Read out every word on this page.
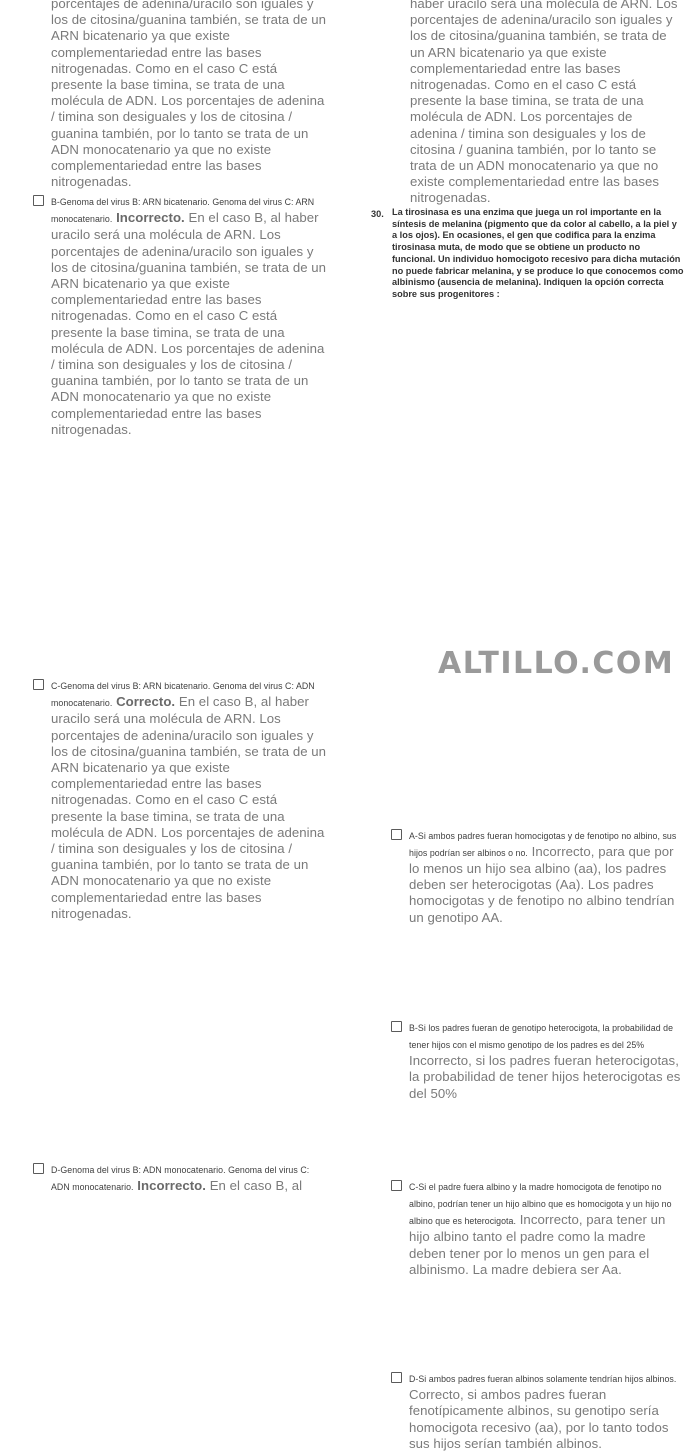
porcentajes de adenina/uracilo son iguales y los de citosina/guanina también, se trata de un ARN bicatenario ya que existe complementariedad entre las bases nitrogenadas. Como en el caso C está presente la base timina, se trata de una molécula de ADN. Los porcentajes de adenina / timina son desiguales y los de citosina / guanina también, por lo tanto se trata de un ADN monocatenario ya que no existe complementariedad entre las bases nitrogenadas.

B-Genoma del virus B: ARN bicatenario. Genoma del virus C: ARN monocatenario. Incorrecto. En el caso B, al haber uracilo será una molécula de ARN. Los porcentajes de adenina/uracilo son iguales y los de citosina/guanina también, se trata de un ARN bicatenario ya que existe complementariedad entre las bases nitrogenadas. Como en el caso C está presente la base timina, se trata de una molécula de ADN. Los porcentajes de adenina / timina son desiguales y los de citosina / guanina también, por lo tanto se trata de un ADN monocatenario ya que no existe complementariedad entre las bases nitrogenadas.
C-Genoma del virus B: ARN bicatenario. Genoma del virus C: ADN monocatenario. Correcto. En el caso B, al haber uracilo será una molécula de ARN. Los porcentajes de adenina/uracilo son iguales y los de citosina/guanina también, se trata de un ARN bicatenario ya que existe complementariedad entre las bases nitrogenadas. Como en el caso C está presente la base timina, se trata de una molécula de ADN. Los porcentajes de adenina / timina son desiguales y los de citosina / guanina también, por lo tanto se trata de un ADN monocatenario ya que no existe complementariedad entre las bases nitrogenadas.
D-Genoma del virus B: ADN monocatenario. Genoma del virus C: ADN monocatenario. Incorrecto. En el caso B, al

haber uracilo será una molécula de ARN. Los porcentajes de adenina/uracilo son iguales y los de citosina/guanina también, se trata de un ARN bicatenario ya que existe complementariedad entre las bases nitrogenadas. Como en el caso C está presente la base timina, se trata de una molécula de ADN. Los porcentajes de adenina / timina son desiguales y los de citosina / guanina también, por lo tanto se trata de un ADN monocatenario ya que no existe complementariedad entre las bases nitrogenadas.

30. La tirosinasa es una enzima que juega un rol importante en la síntesis de melanina (pigmento que da color al cabello, a la piel y a los ojos). En ocasiones, el gen que codifica para la enzima tirosinasa muta, de modo que se obtiene un producto no funcional. Un individuo homocigoto recesivo para dicha mutación no puede fabricar melanina, y se produce lo que conocemos como albinismo (ausencia de melanina). Indiquen la opción correcta sobre sus progenitores :
A-Si ambos padres fueran homocigotas y de fenotipo no albino, sus hijos podrían ser albinos o no. Incorrecto, para que por lo menos un hijo sea albino (aa), los padres deben ser heterocigotas (Aa). Los padres homocigotas y de fenotipo no albino tendrían un genotipo AA.
B-Si los padres fueran de genotipo heterocigota, la probabilidad de tener hijos con el mismo genotipo de los padres es del 25% Incorrecto, si los padres fueran heterocigotas, la probabilidad de tener hijos heterocigotas es del 50%
C-Si el padre fuera albino y la madre homocigota de fenotipo no albino, podrían tener un hijo albino que es homocigota y un hijo no albino que es heterocigota. Incorrecto, para tener un hijo albino tanto el padre como la madre deben tener por lo menos un gen para el albinismo. La madre debiera ser Aa.
D-Si ambos padres fueran albinos solamente tendrían hijos albinos. Correcto, si ambos padres fueran fenotípicamente albinos, su genotipo sería homocigota recesivo (aa), por lo tanto todos sus hijos serían también albinos.
ALTILLO.COM
